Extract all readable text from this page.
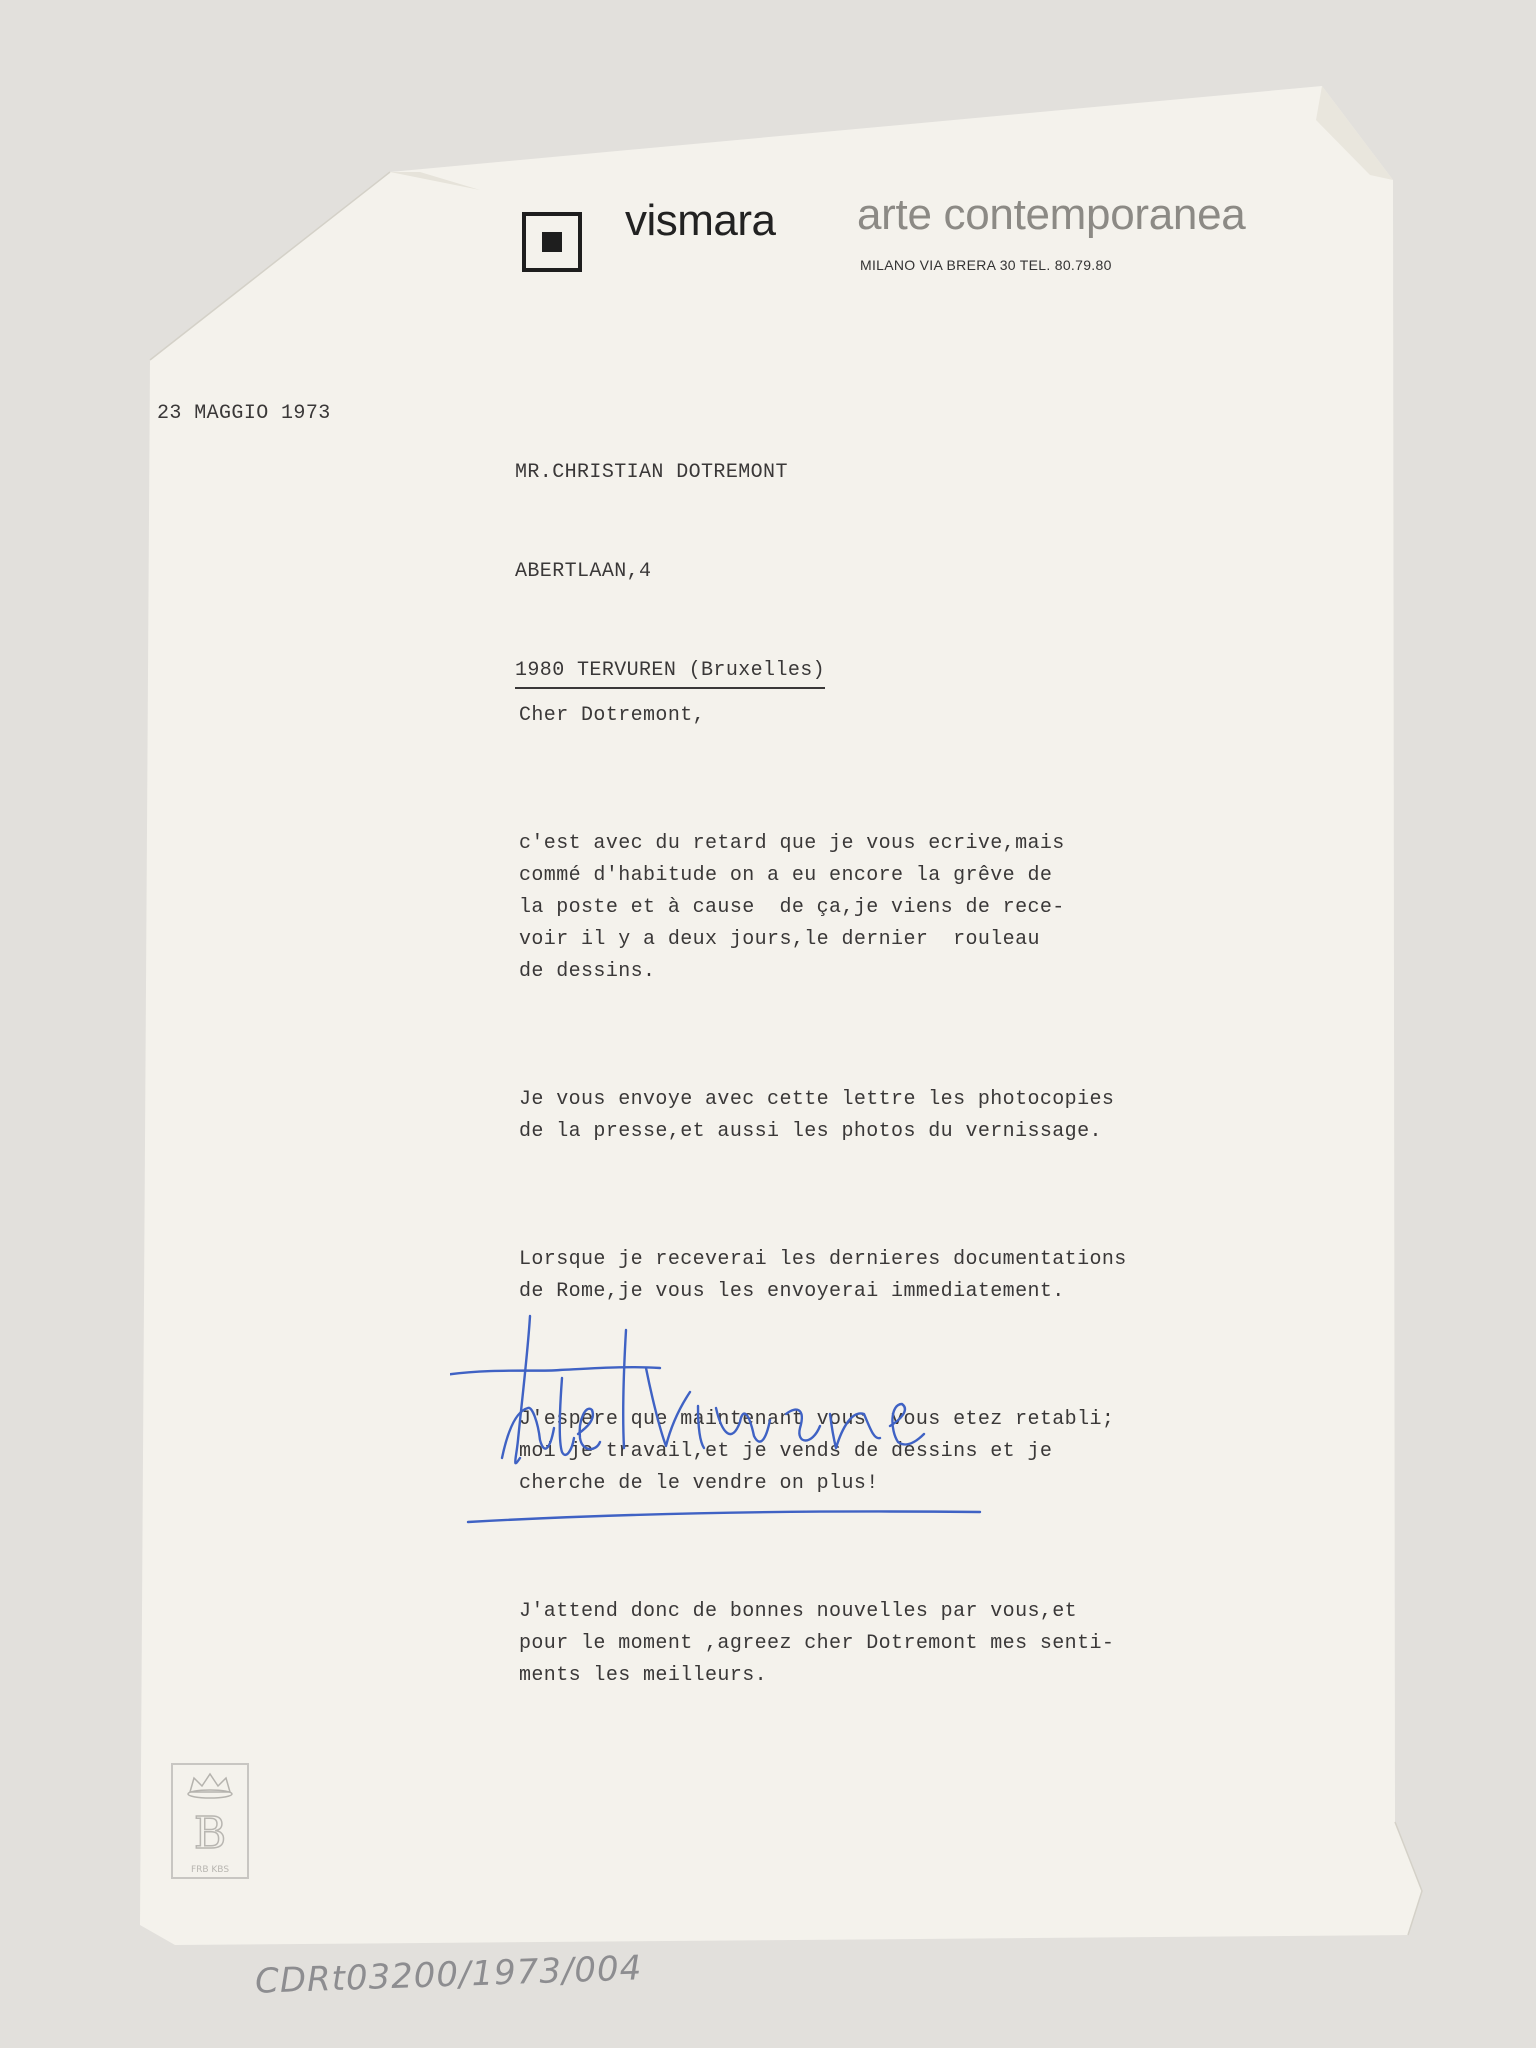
vismara arte contemporanea
MILANO VIA BRERA 30 TEL. 80.79.80
23 MAGGIO 1973

MR.CHRISTIAN DOTREMONT

ABERTLAAN,4

1980 TERVUREN (Bruxelles)

Cher Dotremont,

c'est avec du retard que je vous ecrive,mais
commé d'habitude on a eu encore la grêve de
la poste et à cause  de ça,je viens de rece-
voir il y a deux jours,le dernier  rouleau
de dessins.

Je vous envoye avec cette lettre les photocopies
de la presse,et aussi les photos du vernissage.

Lorsque je receverai les dernieres documentations
de Rome,je vous les envoyerai immediatement.

J'espere que maintenant vous  vous etez retabli;
moi je travail,et je vends de dessins et je
cherche de le vendre on plus!

J'attend donc de bonnes nouvelles par vous,et
pour le moment ,agreez cher Dotremont mes senti-
ments les meilleurs.

B
FRB KBS
CDRt03200/1973/004
